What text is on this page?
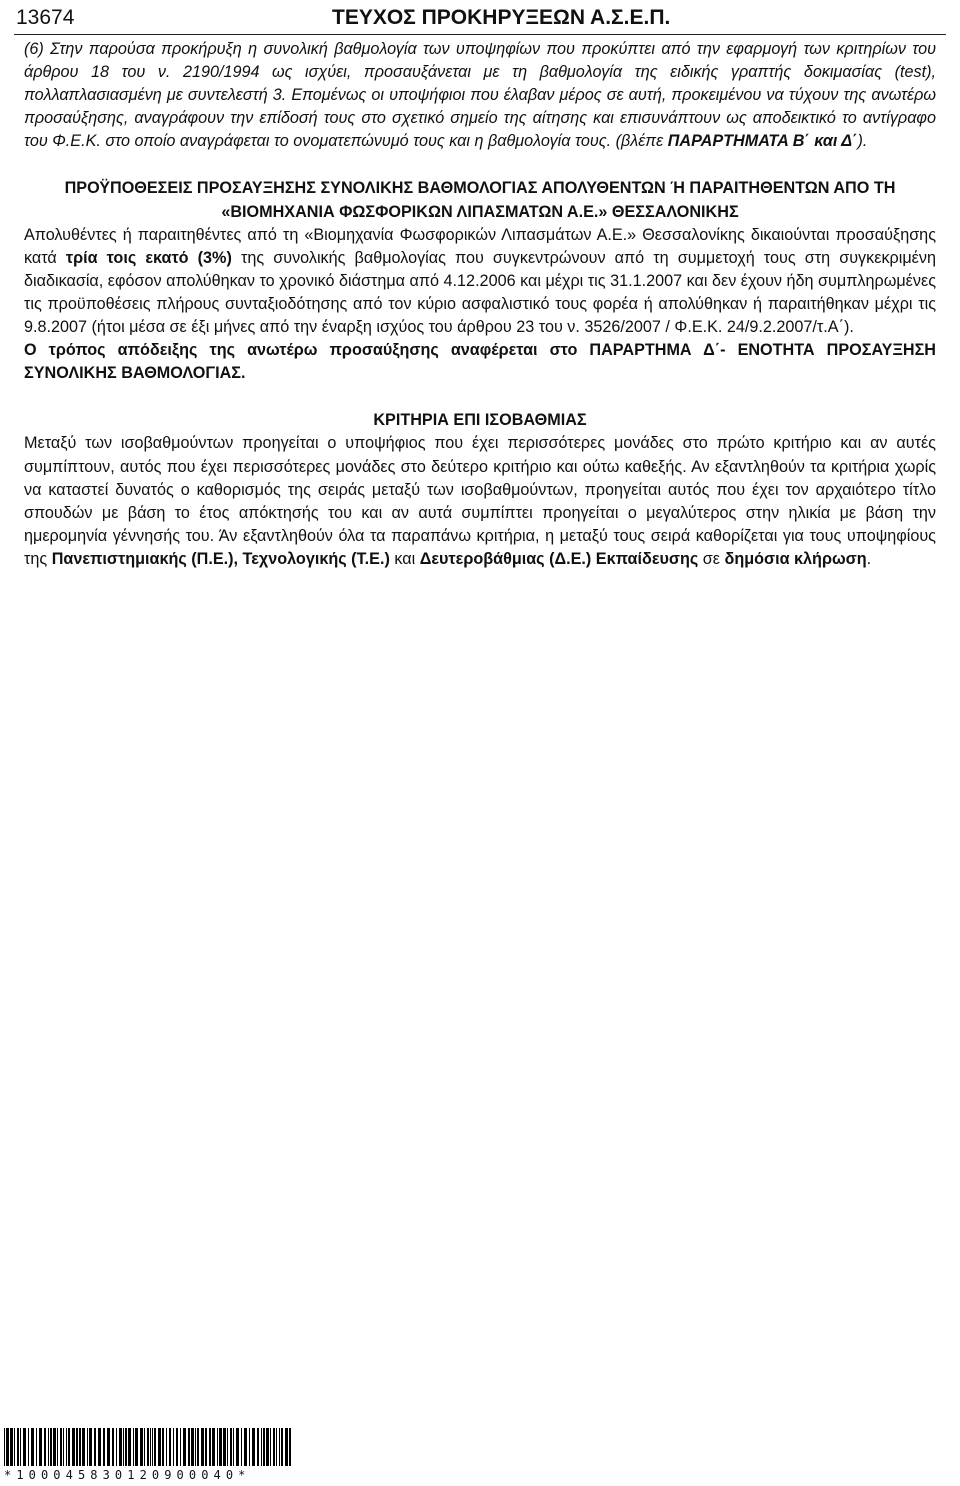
13674	ΤΕΥΧΟΣ ΠΡΟΚΗΡΥΞΕΩΝ Α.Σ.Ε.Π.

(6) Στην παρούσα προκήρυξη η συνολική βαθμολογία των υποψηφίων που προκύπτει από την εφαρμογή των κριτηρίων του άρθρου 18 του ν. 2190/1994 ως ισχύει, προσαυξάνεται με τη βαθμολογία της ειδικής γραπτής δοκιμασίας (test), πολλαπλασιασμένη με συντελεστή 3. Επομένως οι υποψήφιοι που έλαβαν μέρος σε αυτή, προκειμένου να τύχουν της ανωτέρω προσαύξησης, αναγράφουν την επίδοσή τους στο σχετικό σημείο της αίτησης και επισυνάπτουν ως αποδεικτικό το αντίγραφο του Φ.Ε.Κ. στο οποίο αναγράφεται το ονοματεπώνυμό τους και η βαθμολογία τους. (βλέπε ΠΑΡΑΡΤΗΜΑΤΑ Β΄ και Δ΄).

ΠΡΟΫΠΟΘΕΣΕΙΣ ΠΡΟΣΑΥΞΗΣΗΣ ΣΥΝΟΛΙΚΗΣ ΒΑΘΜΟΛΟΓΙΑΣ ΑΠΟΛΥΘΕΝΤΩΝ Ή ΠΑΡΑΙΤΗΘΕΝΤΩΝ ΑΠΟ ΤΗ
«ΒΙΟΜΗΧΑΝΙΑ ΦΩΣΦΟΡΙΚΩΝ ΛΙΠΑΣΜΑΤΩΝ Α.Ε.» ΘΕΣΣΑΛΟΝΙΚΗΣ

Απολυθέντες ή παραιτηθέντες από τη «Βιομηχανία Φωσφορικών Λιπασμάτων Α.Ε.» Θεσσαλονίκης δικαιούνται προσαύξησης κατά τρία τοις εκατό (3%) της συνολικής βαθμολογίας που συγκεντρώνουν από τη συμμετοχή τους στη συγκεκριμένη διαδικασία, εφόσον απολύθηκαν το χρονικό διάστημα από 4.12.2006 και μέχρι τις 31.1.2007 και δεν έχουν ήδη συμπληρωμένες τις προϋποθέσεις πλήρους συνταξιοδότησης από τον κύριο ασφαλιστικό τους φορέα ή απολύθηκαν ή παραιτήθηκαν μέχρι τις 9.8.2007 (ήτοι μέσα σε έξι μήνες από την έναρξη ισχύος του άρθρου 23 του ν. 3526/2007 / Φ.Ε.Κ. 24/9.2.2007/τ.Α΄).

Ο τρόπος απόδειξης της ανωτέρω προσαύξησης αναφέρεται στο ΠΑΡΑΡΤΗΜΑ Δ΄- ΕΝΟΤΗΤΑ ΠΡΟΣΑΥΞΗΣΗ ΣΥΝΟΛΙΚΗΣ ΒΑΘΜΟΛΟΓΙΑΣ.

ΚΡΙΤΗΡΙΑ ΕΠΙ ΙΣΟΒΑΘΜΙΑΣ

Μεταξύ των ισοβαθμούντων προηγείται ο υποψήφιος που έχει περισσότερες μονάδες στο πρώτο κριτήριο και αν αυτές συμπίπτουν, αυτός που έχει περισσότερες μονάδες στο δεύτερο κριτήριο και ούτω καθεξής. Αν εξαντληθούν τα κριτήρια χωρίς να καταστεί δυνατός ο καθορισμός της σειράς μεταξύ των ισοβαθμούντων, προηγείται αυτός που έχει τον αρχαιότερο τίτλο σπουδών με βάση το έτος απόκτησής του και αν αυτά συμπίπτει προηγείται ο μεγαλύτερος στην ηλικία με βάση την ημερομηνία γέννησής του. Άν εξαντληθούν όλα τα παραπάνω κριτήρια, η μεταξύ τους σειρά καθορίζεται για τους υποψηφίους της Πανεπιστημιακής (Π.Ε.), Τεχνολογικής (Τ.Ε.) και Δευτεροβάθμιας (Δ.Ε.) Εκπαίδευσης σε δημόσια κλήρωση.

*100045830120900040*
